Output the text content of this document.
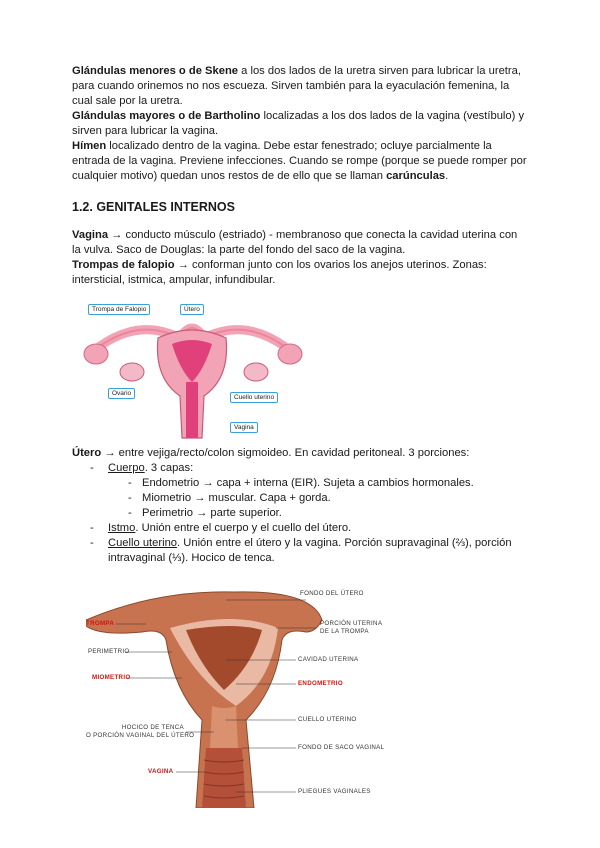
Glándulas menores o de Skene a los dos lados de la uretra sirven para lubricar la uretra, para cuando orinemos no nos escueza. Sirven también para la eyaculación femenina, la cual sale por la uretra.

Glándulas mayores o de Bartholino localizadas a los dos lados de la vagina (vestíbulo) y sirven para lubricar la vagina.

Hímen localizado dentro de la vagina. Debe estar fenestrado; ocluye parcialmente la entrada de la vagina. Previene infecciones. Cuando se rompe (porque se puede romper por cualquier motivo) quedan unos restos de de ello que se llaman carúnculas.

1.2. GENITALES INTERNOS

Vagina → conducto músculo (estriado) - membranoso que conecta la cavidad uterina con la vulva. Saco de Douglas: la parte del fondo del saco de la vagina.

Trompas de falopio → conforman junto con los ovarios los anejos uterinos. Zonas: intersticial, istmica, ampular, infundibular.

Útero → entre vejiga/recto/colon sigmoideo. En cavidad peritoneal. 3 porciones:

- Cuerpo. 3 capas:
- Endometrio → capa + interna (EIR). Sujeta a cambios hormonales.
- Miometrio → muscular. Capa + gorda.
- Perimetrio → parte superior.
- Istmo. Unión entre el cuerpo y el cuello del útero.
- Cuello uterino. Unión entre el útero y la vagina. Porción supravaginal (⅔), porción intravaginal (⅓). Hocico de tenca.
Trompa de Falopio	Útero
Ovario
Cuello uterino
Vagina
FONDO DEL ÚTERO
TROMPA	PORCIÓN UTERINA
DE LA TROMPA
PERIMETRIO
CAVIDAD UTERINA
MIOMETRIO
ENDOMETRIO
CUELLO UTERINO
HOCICO DE TENCA
O PORCIÓN VAGINAL DEL ÚTERO
FONDO DE SACO VAGINAL
VAGINA
PLIEGUES VAGINALES
